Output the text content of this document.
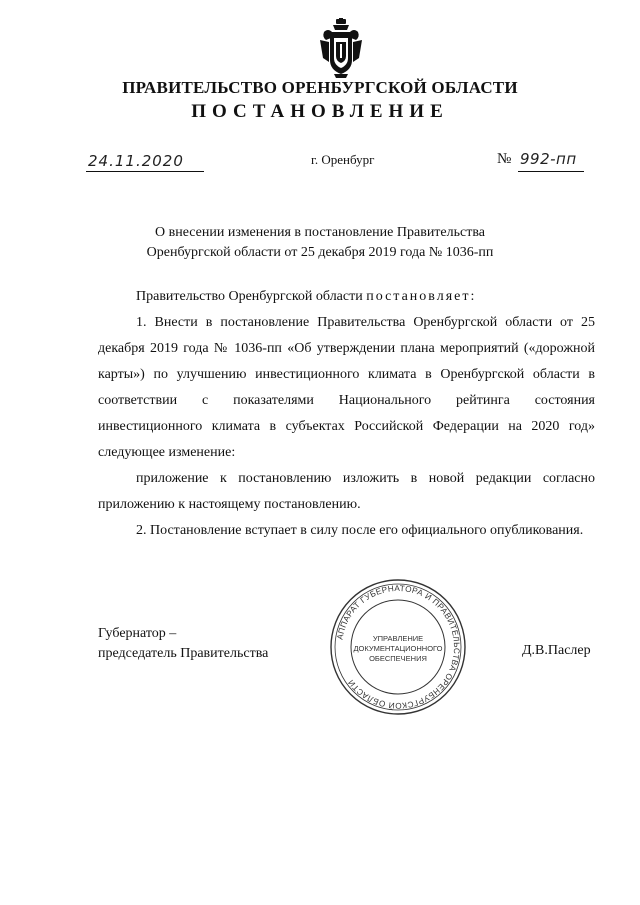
ПРАВИТЕЛЬСТВО ОРЕНБУРГСКОЙ ОБЛАСТИ
ПОСТАНОВЛЕНИЕ
24.11.2020	г. Оренбург	№ 992-пп
О внесении изменения в постановление Правительства
Оренбургской области от 25 декабря 2019 года № 1036-пп

Правительство Оренбургской области постановляет:

1. Внести в постановление Правительства Оренбургской области от 25 декабря 2019 года № 1036-пп «Об утверждении плана мероприятий («дорожной карты») по улучшению инвестиционного климата в Оренбургской области в соответствии с показателями Национального рейтинга состояния инвестиционного климата в субъектах Российской Федерации на 2020 год» следующее изменение:

приложение к постановлению изложить в новой редакции согласно приложению к настоящему постановлению.

2. Постановление вступает в силу после его официального опубликования.

Губернатор –
председатель Правительства	Д.В.Паслер
АППАРАТ ГУБЕРНАТОРА И ПРАВИТЕЛЬСТВА ОРЕНБУРГСКОЙ ОБЛАСТИ
УПРАВЛЕНИЕ
ДОКУМЕНТАЦИОННОГО
ОБЕСПЕЧЕНИЯ
